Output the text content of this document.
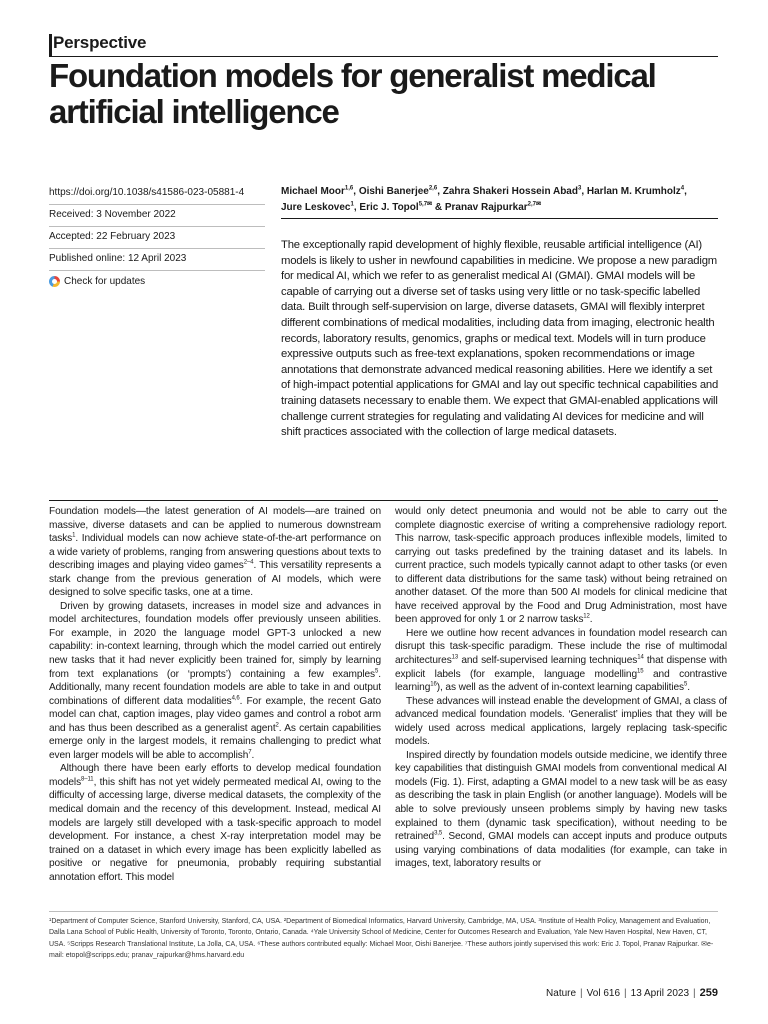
Perspective
Foundation models for generalist medical artificial intelligence
https://doi.org/10.1038/s41586-023-05881-4
Received: 3 November 2022
Accepted: 22 February 2023
Published online: 12 April 2023
Check for updates
Michael Moor$^{1,6}$, Oishi Banerjee$^{2,6}$, Zahra Shakeri Hossein Abad$^3$, Harlan M. Krumholz$^4$,
Jure Leskovec$^1$, Eric J. Topol$^{5,7✉}$ & Pranav Rajpurkar$^{2,7✉}$

The exceptionally rapid development of highly flexible, reusable artificial intelligence (AI) models is likely to usher in newfound capabilities in medicine. We propose a new paradigm for medical AI, which we refer to as generalist medical AI (GMAI). GMAI models will be capable of carrying out a diverse set of tasks using very little or no task-specific labelled data. Built through self-supervision on large, diverse datasets, GMAI will flexibly interpret different combinations of medical modalities, including data from imaging, electronic health records, laboratory results, genomics, graphs or medical text. Models will in turn produce expressive outputs such as free-text explanations, spoken recommendations or image annotations that demonstrate advanced medical reasoning abilities. Here we identify a set of high-impact potential applications for GMAI and lay out specific technical capabilities and training datasets necessary to enable them. We expect that GMAI-enabled applications will challenge current strategies for regulating and validating AI devices for medicine and will shift practices associated with the collection of large medical datasets.

Foundation models—the latest generation of AI models—are trained on massive, diverse datasets and can be applied to numerous downstream tasks$^1$. Individual models can now achieve state-of-the-art performance on a wide variety of problems, ranging from answering questions about texts to describing images and playing video games$^{2-4}$. This versatility represents a stark change from the previous generation of AI models, which were designed to solve specific tasks, one at a time.

Driven by growing datasets, increases in model size and advances in model architectures, foundation models offer previously unseen abilities. For example, in 2020 the language model GPT-3 unlocked a new capability: in-context learning, through which the model carried out entirely new tasks that it had never explicitly been trained for, simply by learning from text explanations (or ‘prompts’) containing a few examples$^5$. Additionally, many recent foundation models are able to take in and output combinations of different data modalities$^{4,6}$. For example, the recent Gato model can chat, caption images, play video games and control a robot arm and has thus been described as a generalist agent$^2$. As certain capabilities emerge only in the largest models, it remains challenging to predict what even larger models will be able to accomplish$^7$.

Although there have been early efforts to develop medical foundation models$^{8-11}$, this shift has not yet widely permeated medical AI, owing to the difficulty of accessing large, diverse medical datasets, the complexity of the medical domain and the recency of this development. Instead, medical AI models are largely still developed with a task-specific approach to model development. For instance, a chest X-ray interpretation model may be trained on a dataset in which every image has been explicitly labelled as positive or negative for pneumonia, probably requiring substantial annotation effort. This model

would only detect pneumonia and would not be able to carry out the complete diagnostic exercise of writing a comprehensive radiology report. This narrow, task-specific approach produces inflexible models, limited to carrying out tasks predefined by the training dataset and its labels. In current practice, such models typically cannot adapt to other tasks (or even to different data distributions for the same task) without being retrained on another dataset. Of the more than 500 AI models for clinical medicine that have received approval by the Food and Drug Administration, most have been approved for only 1 or 2 narrow tasks$^{12}$.

Here we outline how recent advances in foundation model research can disrupt this task-specific paradigm. These include the rise of multimodal architectures$^{13}$ and self-supervised learning techniques$^{14}$ that dispense with explicit labels (for example, language modelling$^{15}$ and contrastive learning$^{16}$), as well as the advent of in-context learning capabilities$^5$.

These advances will instead enable the development of GMAI, a class of advanced medical foundation models. ‘Generalist’ implies that they will be widely used across medical applications, largely replacing task-specific models.

Inspired directly by foundation models outside medicine, we identify three key capabilities that distinguish GMAI models from conventional medical AI models (Fig. 1). First, adapting a GMAI model to a new task will be as easy as describing the task in plain English (or another language). Models will be able to solve previously unseen problems simply by having new tasks explained to them (dynamic task specification), without needing to be retrained$^{3,5}$. Second, GMAI models can accept inputs and produce outputs using varying combinations of data modalities (for example, can take in images, text, laboratory results or

¹Department of Computer Science, Stanford University, Stanford, CA, USA. ²Department of Biomedical Informatics, Harvard University, Cambridge, MA, USA. ³Institute of Health Policy, Management and Evaluation, Dalla Lana School of Public Health, University of Toronto, Toronto, Ontario, Canada. ⁴Yale University School of Medicine, Center for Outcomes Research and Evaluation, Yale New Haven Hospital, New Haven, CT, USA. ⁵Scripps Research Translational Institute, La Jolla, CA, USA. ⁶These authors contributed equally: Michael Moor, Oishi Banerjee. ⁷These authors jointly supervised this work: Eric J. Topol, Pranav Rajpurkar. ✉e-mail: etopol@scripps.edu; pranav_rajpurkar@hms.harvard.edu

Nature | Vol 616 | 13 April 2023 | 259
